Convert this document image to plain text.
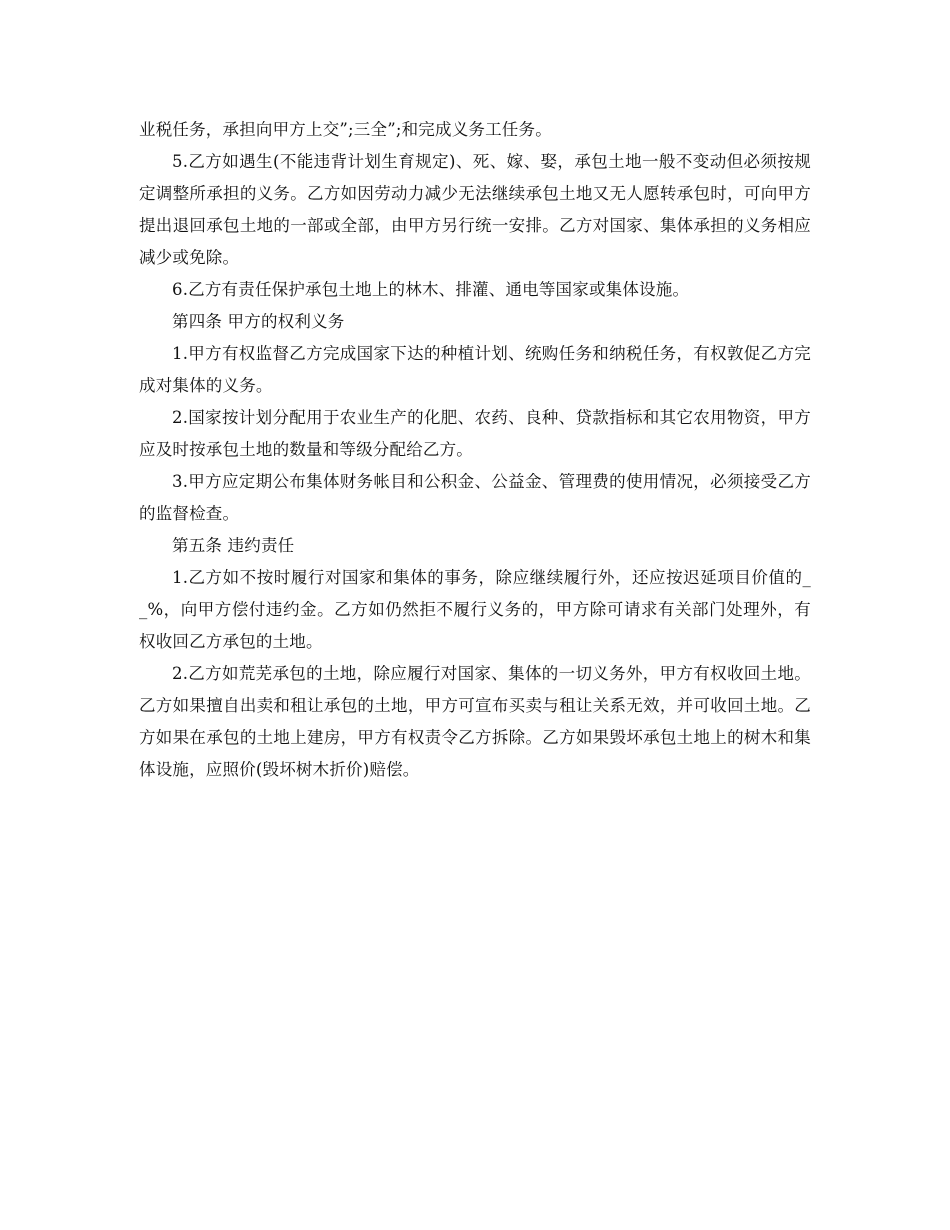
业税任务，承担向甲方上交”;三全”;和完成义务工任务。

5.乙方如遇生(不能违背计划生育规定)、死、嫁、娶，承包土地一般不变动但必须按规定调整所承担的义务。乙方如因劳动力减少无法继续承包土地又无人愿转承包时，可向甲方提出退回承包土地的一部或全部，由甲方另行统一安排。乙方对国家、集体承担的义务相应减少或免除。

6.乙方有责任保护承包土地上的林木、排灌、通电等国家或集体设施。

第四条 甲方的权利义务

1.甲方有权监督乙方完成国家下达的种植计划、统购任务和纳税任务，有权敦促乙方完成对集体的义务。

2.国家按计划分配用于农业生产的化肥、农药、良种、贷款指标和其它农用物资，甲方应及时按承包土地的数量和等级分配给乙方。

3.甲方应定期公布集体财务帐目和公积金、公益金、管理费的使用情况，必须接受乙方的监督检查。

第五条 违约责任

1.乙方如不按时履行对国家和集体的事务，除应继续履行外，还应按迟延项目价值的__%，向甲方偿付违约金。乙方如仍然拒不履行义务的，甲方除可请求有关部门处理外，有权收回乙方承包的土地。

2.乙方如荒芜承包的土地，除应履行对国家、集体的一切义务外，甲方有权收回土地。乙方如果擅自出卖和租让承包的土地，甲方可宣布买卖与租让关系无效，并可收回土地。乙方如果在承包的土地上建房，甲方有权责令乙方拆除。乙方如果毁坏承包土地上的树木和集体设施，应照价(毁坏树木折价)赔偿。
